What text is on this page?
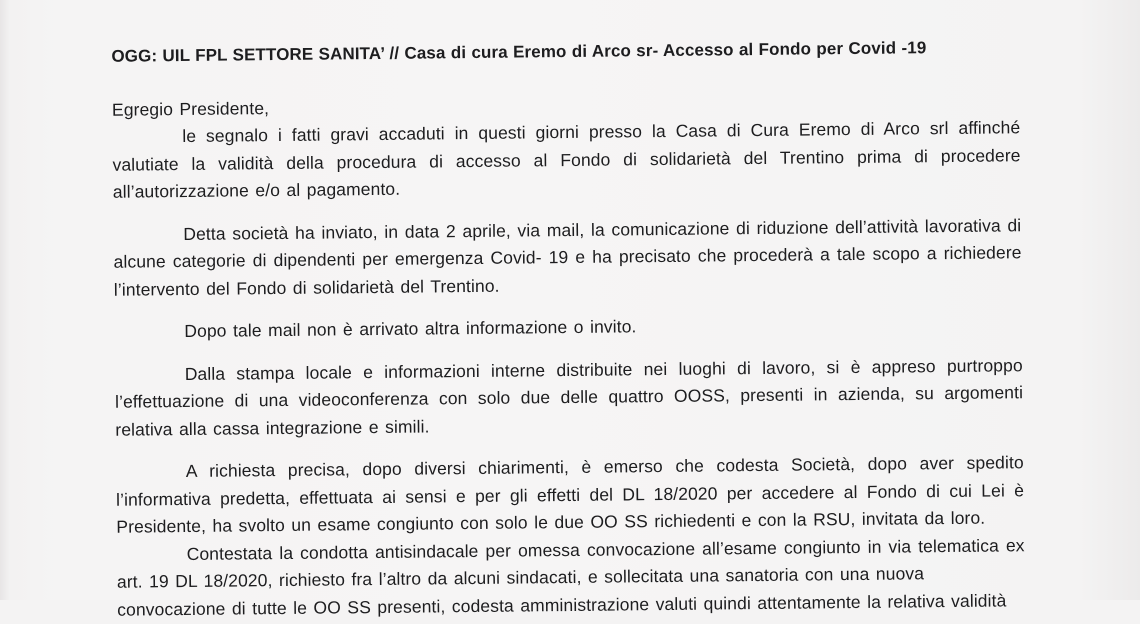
OGG: UIL FPL SETTORE SANITA’ // Casa di cura Eremo di Arco sr- Accesso al Fondo per Covid -19

Egregio Presidente,

le segnalo i fatti gravi accaduti in questi giorni presso la Casa di Cura Eremo di Arco srl affinché valutiate la validità della procedura di accesso al Fondo di solidarietà del Trentino prima di procedere all’autorizzazione e/o al pagamento.

Detta società ha inviato, in data 2 aprile, via mail, la comunicazione di riduzione dell’attività lavorativa di alcune categorie di dipendenti per emergenza Covid- 19 e ha precisato che procederà a tale scopo a richiedere l’intervento del Fondo di solidarietà del Trentino.

Dopo tale mail non è arrivato altra informazione o invito.

Dalla stampa locale e informazioni interne distribuite nei luoghi di lavoro, si è appreso purtroppo l’effettuazione di una videoconferenza con solo due delle quattro OOSS, presenti in azienda, su argomenti relativa alla cassa integrazione e simili.

A richiesta precisa, dopo diversi chiarimenti, è emerso che codesta Società, dopo aver spedito l’informativa predetta, effettuata ai sensi e per gli effetti del DL 18/2020 per accedere al Fondo di cui Lei è Presidente, ha svolto un esame congiunto con solo le due OO SS richiedenti e con la RSU, invitata da loro.

Contestata la condotta antisindacale per omessa convocazione all’esame congiunto in via telematica ex art. 19 DL 18/2020, richiesto fra l’altro da alcuni sindacati, e sollecitata una sanatoria con una nuova

convocazione di tutte le OO SS presenti, codesta amministrazione valuti quindi attentamente la relativa validità
